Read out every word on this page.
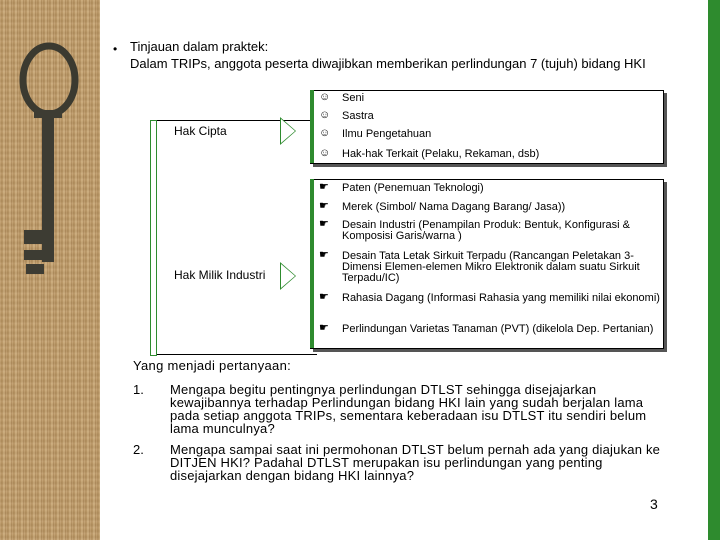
• Tinjauan dalam praktek:
Dalam TRIPs, anggota peserta diwajibkan memberikan perlindungan 7 (tujuh) bidang HKI
Hak Cipta
☺ Seni
☺ Sastra
☺ Ilmu Pengetahuan
☺ Hak-hak Terkait (Pelaku, Rekaman, dsb)
Hak Milik Industri
☛ Paten (Penemuan Teknologi)
☛ Merek (Simbol/ Nama Dagang Barang/ Jasa))
☛ Desain Industri (Penampilan Produk: Bentuk, Konfigurasi & Komposisi Garis/warna )
☛ Desain Tata Letak Sirkuit Terpadu (Rancangan Peletakan 3-Dimensi Elemen-elemen Mikro Elektronik dalam suatu Sirkuit Terpadu/IC)
☛ Rahasia Dagang (Informasi Rahasia yang memiliki nilai ekonomi)
☛ Perlindungan Varietas Tanaman (PVT) (dikelola Dep. Pertanian)
Yang menjadi pertanyaan:
1. Mengapa begitu pentingnya perlindungan DTLST sehingga disejajarkan kewajibannya terhadap Perlindungan bidang HKI lain yang sudah berjalan lama pada setiap anggota TRIPs, sementara keberadaan isu DTLST itu sendiri belum lama munculnya?
2. Mengapa sampai saat ini permohonan DTLST belum pernah ada yang diajukan ke DITJEN HKI? Padahal DTLST merupakan isu perlindungan yang penting disejajarkan dengan bidang HKI lainnya?
3
